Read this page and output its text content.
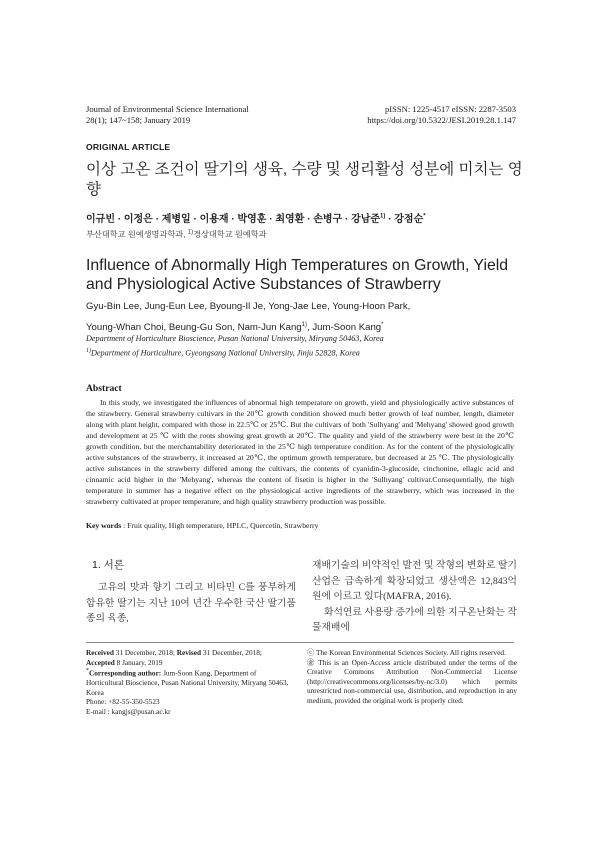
Journal of Environmental Science International
28(1); 147~158; January 2019
pISSN: 1225-4517 eISSN: 2287-3503
https://doi.org/10.5322/JESI.2019.28.1.147
ORIGINAL ARTICLE
이상 고온 조건이 딸기의 생육, 수량 및 생리활성 성분에 미치는 영향
이규빈 · 이정은 · 제병일 · 이용재 · 박영훈 · 최영환 · 손병구 · 강남준$^{1)}$ · 강점순*
부산대학교 원예생명과학과, $^{1)}$경상대학교 원예학과
Influence of Abnormally High Temperatures on Growth, Yield and Physiological Active Substances of Strawberry
Gyu-Bin Lee, Jung-Eun Lee, Byoung-Il Je, Yong-Jae Lee, Young-Hoon Park,
Young-Whan Choi, Beung-Gu Son, Nam-Jun Kang$^{1)}$, Jum-Soon Kang*
Department of Horticulture Bioscience, Pusan National University, Miryang 50463, Korea
$^{1)}$Department of Horticulture, Gyeongsang National University, Jinju 52828, Korea
Abstract
In this study, we investigated the influences of abnormal high temperature on growth, yield and physiologically active substances of the strawberry. General strawberry cultivars in the 20℃ growth condition showed much better growth of leaf number, length, diameter along with plant height, compared with those in 22.5℃ or 25℃. But the cultivars of both 'Sulhyang' and 'Mehyang' showed good growth and development at 25 ℃ with the roots showing great growth at 20℃. The quality and yield of the strawberry were best in the 20℃ growth condition, but the merchantability deteriorated in the 25℃ high temperature condition. As for the content of the physiologically active substances of the strawberry, it increased at 20℃, the optimum growth temperature, but decreased at 25 ℃. The physiologically active substances in the strawberry differed among the cultivars, the contents of cyanidin-3-glucoside, cinchonine, ellagic acid and cinnamic acid higher in the 'Mehyang', whereas the content of fisetin is higher in the 'Sulhyang' cultivar.Consequentially, the high temperature in summer has a negative effect on the physiological active ingredients of the strawberry, which was increased in the strawberry cultivated at proper temperature, and high quality strawberry production was possible.
Key words : Fruit quality, High temperature, HPLC, Quercetin, Strawberry
1. 서론
고유의 맛과 향기 그리고 비타민 C를 풍부하게 함유한 딸기는 지난 10여 년간 우수한 국산 딸기품종의 육종,

재배기술의 비약적인 발전 및 작형의 변화로 딸기 산업은 급속하게 확장되었고 생산액은 12,843억 원에 이르고 있다(MAFRA, 2016).

화석연료 사용량 증가에 의한 지구온난화는 작물재배에

Received 31 December, 2018; Revised 31 December, 2018;
Accepted 8 January, 2019
*Corresponding author: Jum-Soon Kang, Department of Horticultural Bioscience, Pusan National University, Miryang 50463, Korea
Phone: +82-55-350-5523
E-mail : kangjs@pusan.ac.kr
ⓒ The Korean Environmental Sciences Society. All rights reserved.
㊎ This is an Open-Access article distributed under the terms of the Creative Commons Attribution Non-Commercial License (http://creativecommons.org/licenses/by-nc/3.0) which permits unrestricted non-commercial use, distribution, and reproduction in any medium, provided the original work is properly cited.
